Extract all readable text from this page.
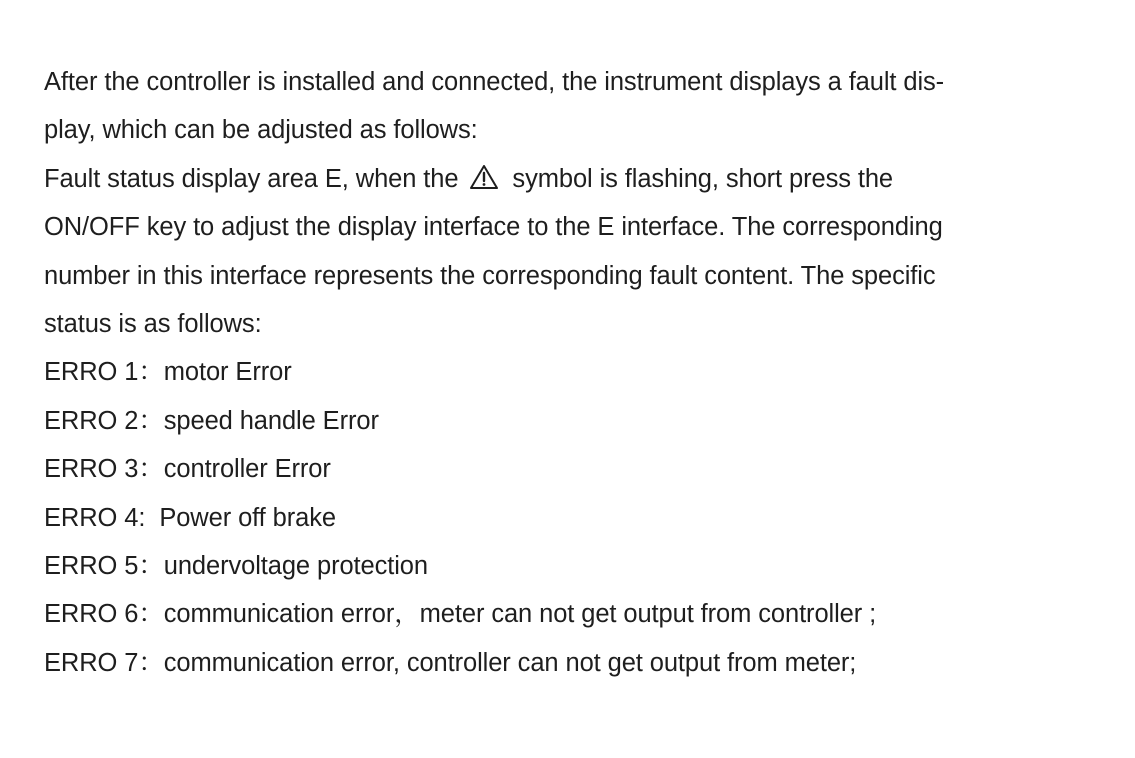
After the controller is installed and connected, the instrument displays a fault dis-
play, which can be adjusted as follows:
Fault status display area E, when the
symbol is flashing, short press the
ON/OFF key to adjust the display interface to the E interface. The corresponding
number in this interface represents the corresponding fault content. The specific
status is as follows:
ERRO 1：motor Error
ERRO 2：speed handle Error
ERRO 3：controller Error
ERRO 4:  Power off brake
ERRO 5：undervoltage protection
ERRO 6：communication error，meter can not get output from controller ;
ERRO 7：communication error, controller can not get output from meter;
